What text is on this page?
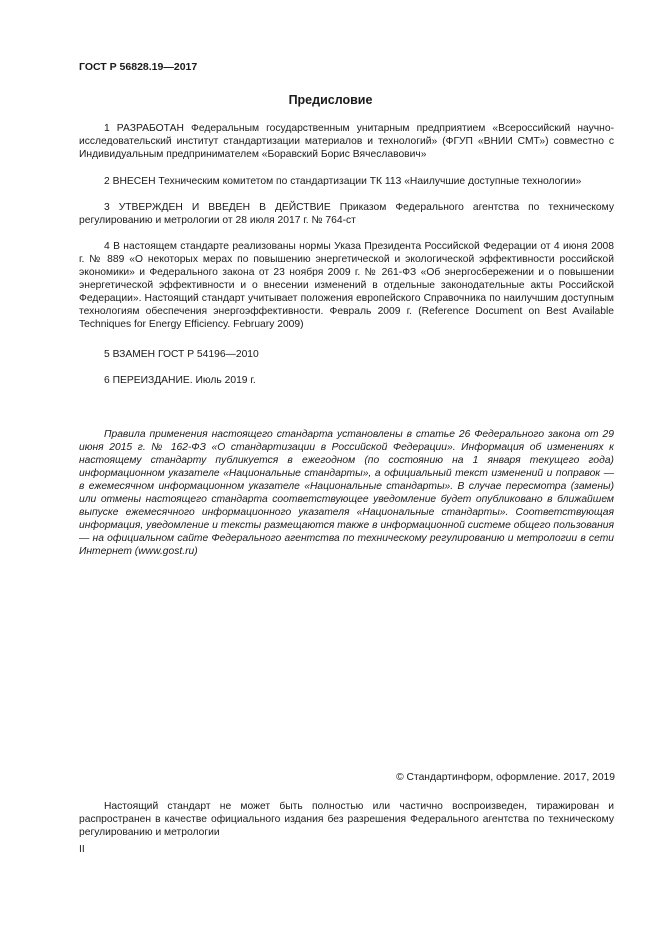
ГОСТ Р 56828.19—2017
Предисловие
1 РАЗРАБОТАН Федеральным государственным унитарным предприятием «Всероссийский научно-исследовательский институт стандартизации материалов и технологий» (ФГУП «ВНИИ СМТ») совместно с Индивидуальным предпринимателем «Боравский Борис Вячеславович»
2 ВНЕСЕН Техническим комитетом по стандартизации ТК 113 «Наилучшие доступные технологии»
3 УТВЕРЖДЕН И ВВЕДЕН В ДЕЙСТВИЕ Приказом Федерального агентства по техническому регулированию и метрологии от 28 июля 2017 г. № 764-ст
4 В настоящем стандарте реализованы нормы Указа Президента Российской Федерации от 4 июня 2008 г. № 889 «О некоторых мерах по повышению энергетической и экологической эффективности российской экономики» и Федерального закона от 23 ноября 2009 г. № 261-ФЗ «Об энергосбережении и о повышении энергетической эффективности и о внесении изменений в отдельные законодательные акты Российской Федерации». Настоящий стандарт учитывает положения европейского Справочника по наилучшим доступным технологиям обеспечения энергоэффективности. Февраль 2009 г. (Reference Document on Best Available Techniques for Energy Efficiency. February 2009)
5 ВЗАМЕН ГОСТ Р 54196—2010
6 ПЕРЕИЗДАНИЕ. Июль 2019 г.
Правила применения настоящего стандарта установлены в статье 26 Федерального закона от 29 июня 2015 г. № 162-ФЗ «О стандартизации в Российской Федерации». Информация об изменениях к настоящему стандарту публикуется в ежегодном (по состоянию на 1 января текущего года) информационном указателе «Национальные стандарты», а официальный текст изменений и поправок — в ежемесячном информационном указателе «Национальные стандарты». В случае пересмотра (замены) или отмены настоящего стандарта соответствующее уведомление будет опубликовано в ближайшем выпуске ежемесячного информационного указателя «Национальные стандарты». Соответствующая информация, уведомление и тексты размещаются также в информационной системе общего пользования — на официальном сайте Федерального агентства по техническому регулированию и метрологии в сети Интернет (www.gost.ru)
© Стандартинформ, оформление. 2017, 2019
Настоящий стандарт не может быть полностью или частично воспроизведен, тиражирован и распространен в качестве официального издания без разрешения Федерального агентства по техническому регулированию и метрологии
II
